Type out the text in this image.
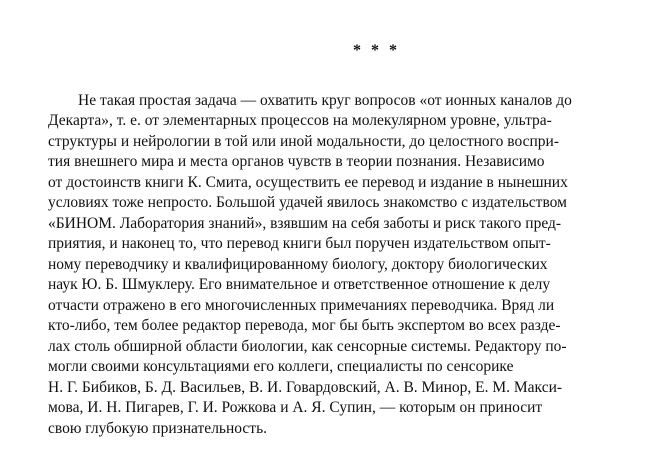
* * *
Не такая простая задача — охватить круг вопросов «от ионных каналов до
Декарта», т. е. от элементарных процессов на молекулярном уровне, ультра-
структуры и нейрологии в той или иной модальности, до целостного воспри-
тия внешнего мира и места органов чувств в теории познания. Независимо
от достоинств книги К. Смита, осуществить ее перевод и издание в нынешних
условиях тоже непросто. Большой удачей явилось знакомство с издательством
«БИНОМ. Лаборатория знаний», взявшим на себя заботы и риск такого пред-
приятия, и наконец то, что перевод книги был поручен издательством опыт-
ному переводчику и квалифицированному биологу, доктору биологических
наук Ю. Б. Шмуклеру. Его внимательное и ответственное отношение к делу
отчасти отражено в его многочисленных примечаниях переводчика. Вряд ли
кто-либо, тем более редактор перевода, мог бы быть экспертом во всех разде-
лах столь обширной области биологии, как сенсорные системы. Редактору по-
могли своими консультациями его коллеги, специалисты по сенсорике
Н. Г. Бибиков, Б. Д. Васильев, В. И. Говардовский, А. В. Минор, Е. М. Макси-
мова, И. Н. Пигарев, Г. И. Рожкова и А. Я. Супин, — которым он приносит
свою глубокую признательность.
